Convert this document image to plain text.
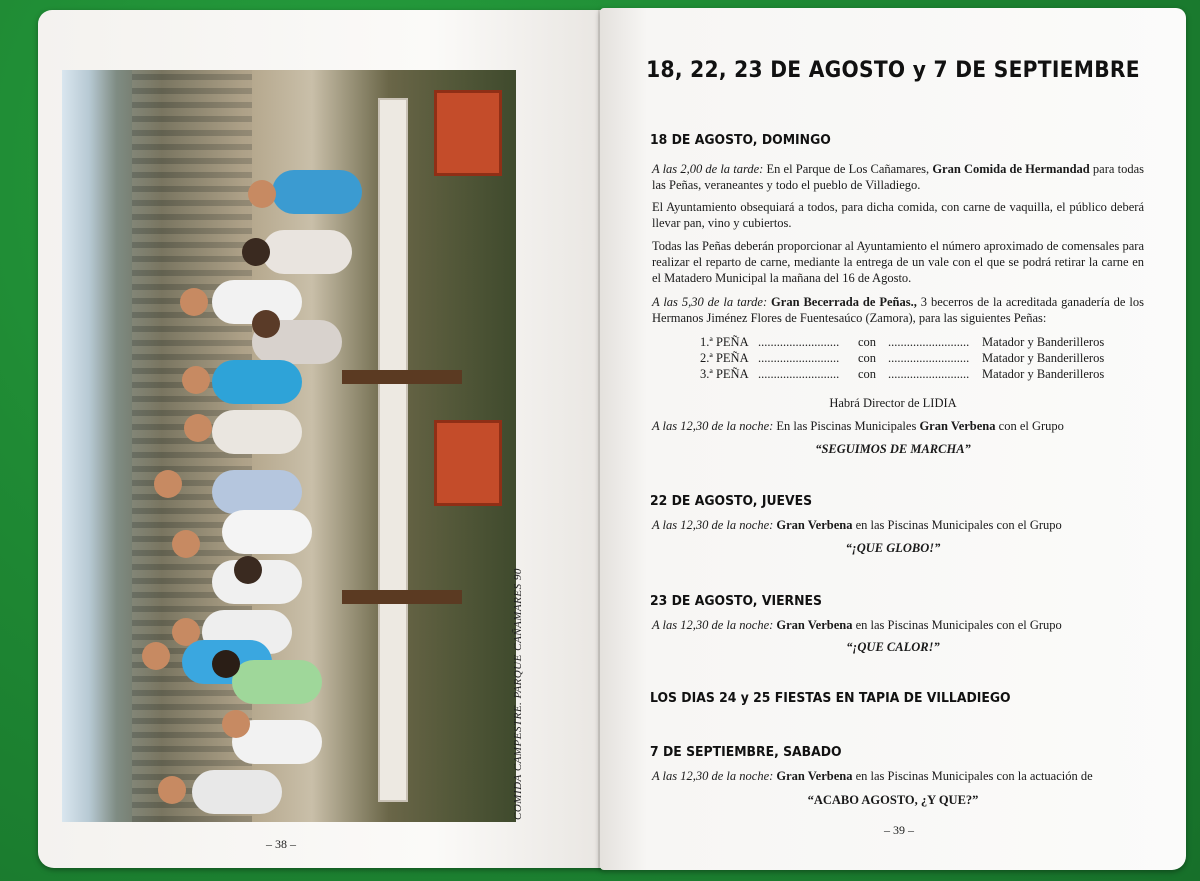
COMIDA CAMPESTRE. PARQUE CAÑAMARES 90
– 38 –
18, 22, 23 DE AGOSTO y 7 DE SEPTIEMBRE
18 DE AGOSTO, DOMINGO
A las 2,00 de la tarde: En el Parque de Los Cañamares, Gran Comida de Hermandad para todas las Peñas, veraneantes y todo el pueblo de Villadiego.
El Ayuntamiento obsequiará a todos, para dicha comida, con carne de vaquilla, el público deberá llevar pan, vino y cubiertos.
Todas las Peñas deberán proporcionar al Ayuntamiento el número aproximado de comensales para realizar el reparto de carne, mediante la entrega de un vale con el que se podrá retirar la carne en el Matadero Municipal la mañana del 16 de Agosto.
A las 5,30 de la tarde: Gran Becerrada de Peñas., 3 becerros de la acreditada ganadería de los Hermanos Jiménez Flores de Fuentesaúco (Zamora), para las siguientes Peñas:
1.ª PEÑA ..........................	con ..........................	Matador y Banderilleros
2.ª PEÑA ..........................	con ..........................	Matador y Banderilleros
3.ª PEÑA ..........................	con ..........................	Matador y Banderilleros
Habrá Director de LIDIA
A las 12,30 de la noche: En las Piscinas Municipales Gran Verbena con el Grupo
“SEGUIMOS DE MARCHA”
22 DE AGOSTO, JUEVES
A las 12,30 de la noche: Gran Verbena en las Piscinas Municipales con el Grupo
“¡QUE GLOBO!”
23 DE AGOSTO, VIERNES
A las 12,30 de la noche: Gran Verbena en las Piscinas Municipales con el Grupo
“¡QUE CALOR!”
LOS DIAS 24 y 25 FIESTAS EN TAPIA DE VILLADIEGO
7 DE SEPTIEMBRE, SABADO
A las 12,30 de la noche: Gran Verbena en las Piscinas Municipales con la actuación de
“ACABO AGOSTO, ¿Y QUE?”
– 39 –
